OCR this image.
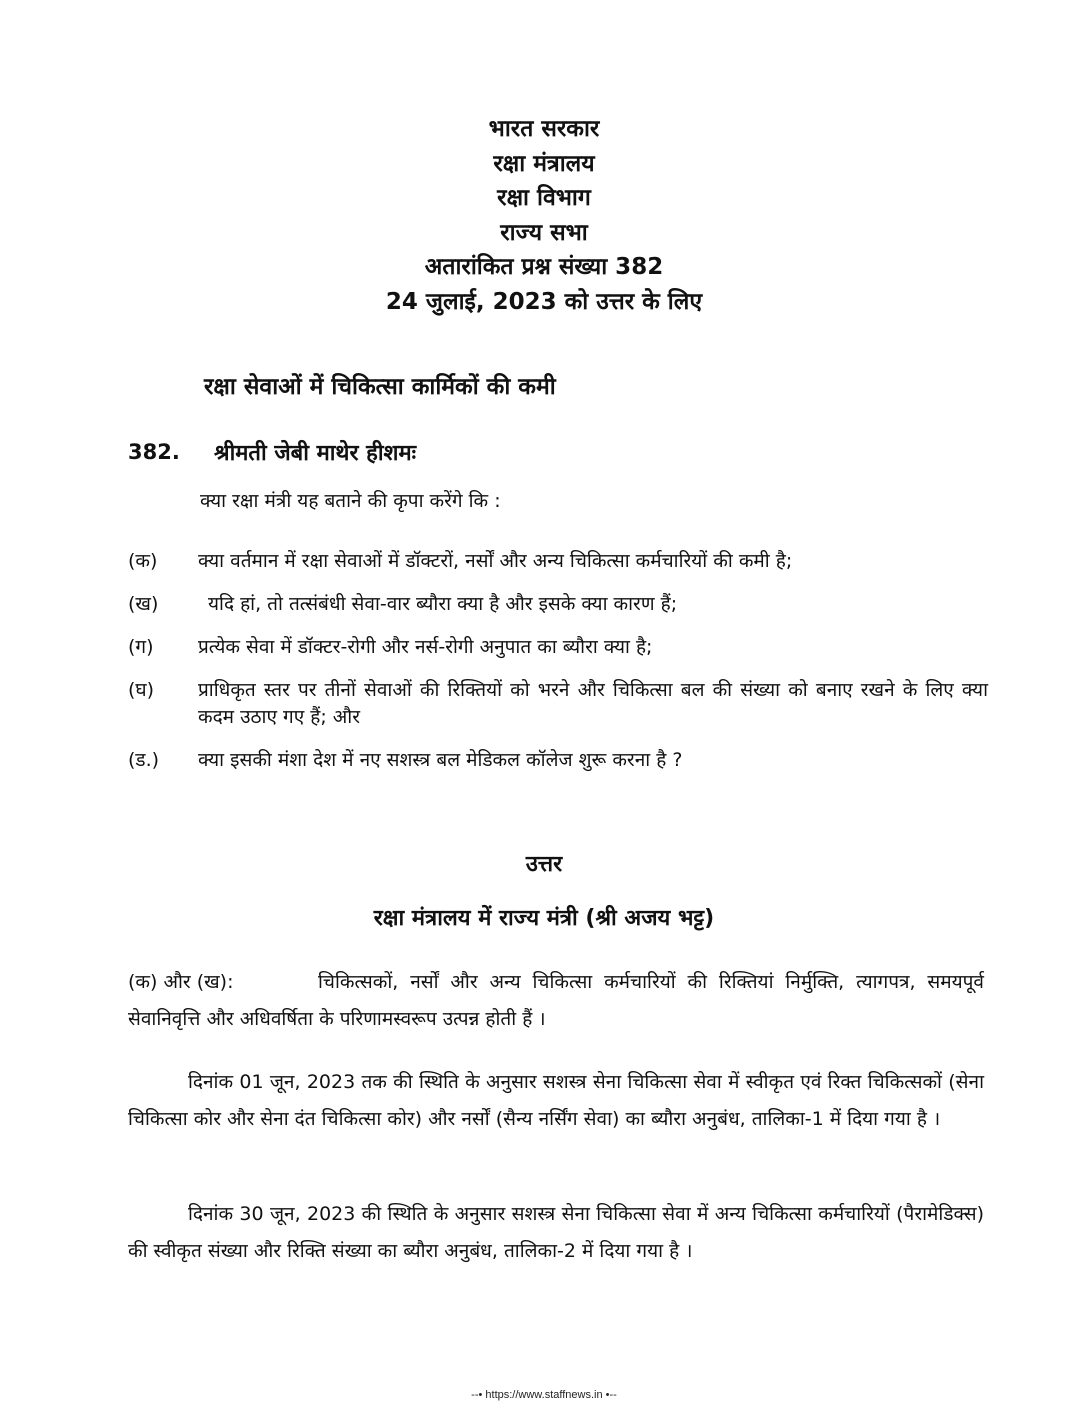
भारत सरकार
रक्षा मंत्रालय
रक्षा विभाग
राज्य सभा
अतारांकित प्रश्न संख्या 382
24 जुलाई, 2023 को उत्तर के लिए
रक्षा सेवाओं में चिकित्सा कार्मिकों की कमी
382. श्रीमती जेबी माथेर हीशमः
क्या रक्षा मंत्री यह बताने की कृपा करेंगे कि :
(क)	क्या वर्तमान में रक्षा सेवाओं में डॉक्टरों, नर्सों और अन्य चिकित्सा कर्मचारियों की कमी है;
(ख)	यदि हां, तो तत्संबंधी सेवा-वार ब्यौरा क्या है और इसके क्या कारण हैं;
(ग)	प्रत्येक सेवा में डॉक्टर-रोगी और नर्स-रोगी अनुपात का ब्यौरा क्या है;
(घ)	प्राधिकृत स्तर पर तीनों सेवाओं की रिक्तियों को भरने और चिकित्सा बल की संख्या को बनाए रखने के लिए क्या कदम उठाए गए हैं; और
(ड.)	क्या इसकी मंशा देश में नए सशस्त्र बल मेडिकल कॉलेज शुरू करना है ?
उत्तर
रक्षा मंत्रालय में राज्य मंत्री (श्री अजय भट्ट)
(क) और (ख):	चिकित्सकों, नर्सों और अन्य चिकित्सा कर्मचारियों की रिक्तियां निर्मुक्ति, त्यागपत्र, समयपूर्व सेवानिवृत्ति और अधिवर्षिता के परिणामस्वरूप उत्पन्न होती हैं ।
दिनांक 01 जून, 2023 तक की स्थिति के अनुसार सशस्त्र सेना चिकित्सा सेवा में स्वीकृत एवं रिक्त चिकित्सकों (सेना चिकित्सा कोर और सेना दंत चिकित्सा कोर) और नर्सों (सैन्य नर्सिंग सेवा) का ब्यौरा अनुबंध, तालिका-1 में दिया गया है ।
दिनांक 30 जून, 2023 की स्थिति के अनुसार सशस्त्र सेना चिकित्सा सेवा में अन्य चिकित्सा कर्मचारियों (पैरामेडिक्स) की स्वीकृत संख्या और रिक्ति संख्या का ब्यौरा अनुबंध, तालिका-2 में दिया गया है ।
--• https://www.staffnews.in •--
